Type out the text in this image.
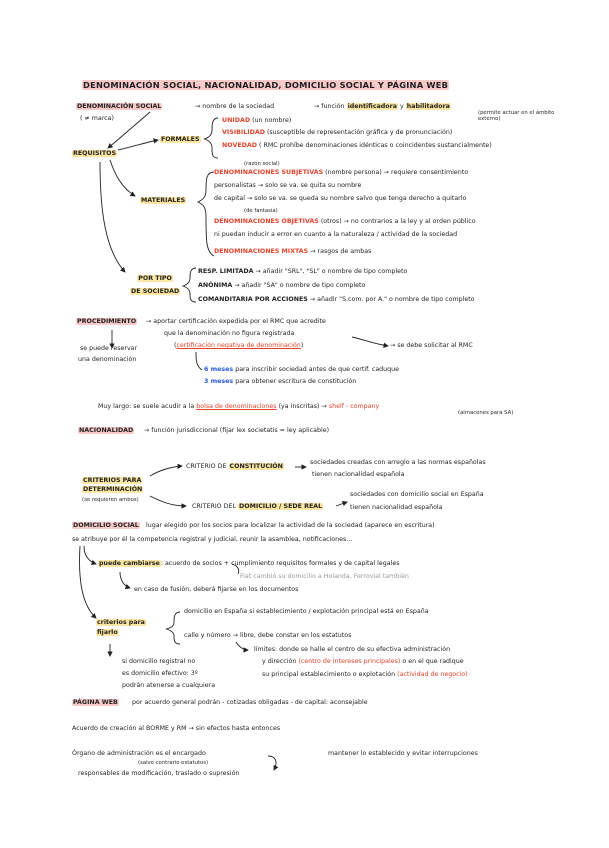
DENOMINACIÓN SOCIAL, NACIONALIDAD, DOMICILIO SOCIAL Y PÁGINA WEB
DENOMINACIÓN SOCIAL	→ nombre de la sociedad	→ función identificadora y habilitadora
(permite actuar en el ámbito externo)
( ≠ marca)
REQUISITOS
FORMALES
UNIDAD (un nombre)
VISIBILIDAD (susceptible de representación gráfica y de pronunciación)
NOVEDAD ( RMC prohíbe denominaciones idénticas o coincidentes sustancialmente)
MATERIALES
(razón social)
DENOMINACIONES SUBJETIVAS (nombre persona) → requiere consentimiento
personalistas → solo se va. se quita su nombre
de capital → solo se va. se queda su nombre salvo que tenga derecho a quitarlo
(de fantasía)
DENOMINACIONES OBJETIVAS (otros) → no contrarios a la ley y al orden público
ni puedan inducir a error en cuanto a la naturaleza / actividad de la sociedad
DENOMINACIONES MIXTAS → rasgos de ambas
POR TIPO

DE SOCIEDAD
RESP. LIMITADA → añadir "SRL", "SL" o nombre de tipo completo
ANÓNIMA → añadir "SA" o nombre de tipo completo
COMANDITARIA POR ACCIONES → añadir "S.com. por A." o nombre de tipo completo
PROCEDIMIENTO → aportar certificación expedida por el RMC que acredite
que la denominación no figura registrada
(certificación negativa de denominación)	→ se debe solicitar al RMC
se puede reservar
una denominación
6 meses para inscribir sociedad antes de que certif. caduque
3 meses para obtener escritura de constitución
Muy largo: se suele acudir a la bolsa de denominaciones (ya inscritas) → shelf - company
(almacenes para SA)
NACIONALIDAD → función jurisdiccional (fijar lex societatis = ley aplicable)
CRITERIOS PARA
DETERMINACIÓN
(se requieren ambos)
CRITERIO DE CONSTITUCIÓN
sociedades creadas con arreglo a las normas españolas
tienen nacionalidad española
CRITERIO DEL DOMICILIO / SEDE REAL
sociedades con domicilio social en España
tienen nacionalidad española
DOMICILIO SOCIAL lugar elegido por los socios para localizar la actividad de la sociedad (aparece en escritura)
se atribuye por él la competencia registral y judicial, reunir la asamblea, notificaciones...
puede cambiarse: acuerdo de socios + cumplimiento requisitos formales y de capital legales
Fiat cambió su domicilio a Holanda, Ferrovial también
en caso de fusión, deberá fijarse en los documentos
criterios para
fijarlo
domicilio en España si establecimiento / explotación principal está en España
calle y número → libre, debe constar en los estatutos
límites: donde se halle el centro de su efectiva administración
y dirección (centro de intereses principales) o en el que radique
su principal establecimiento o explotación (actividad de negocio)
si domicilio registral no
es domicilio efectivo: 3º
podrán atenerse a cualquiera
PÁGINA WEB por acuerdo general podrán - cotizadas obligadas - de capital: aconsejable
Acuerdo de creación al BORME y RM → sin efectos hasta entonces
Órgano de administración es el encargado
(salvo contrario estatutos)
mantener lo establecido y evitar interrupciones
responsables de modificación, traslado o supresión
